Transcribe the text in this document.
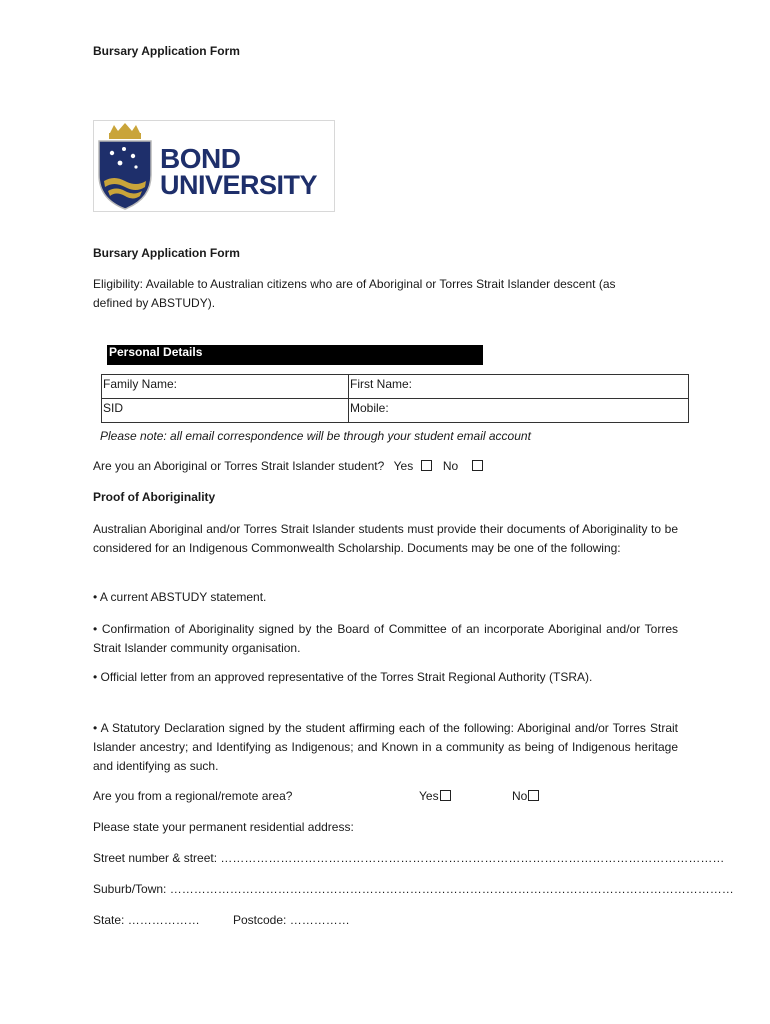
Bursary Application Form
BOND
UNIVERSITY
Bursary Application Form
Eligibility: Available to Australian citizens who are of Aboriginal or Torres Strait Islander descent (as
defined by ABSTUDY).
Personal Details
Family Name:	First Name:
SID	Mobile:
Please note: all email correspondence will be through your student email account
Are you an Aboriginal or Torres Strait Islander student? Yes No
Proof of Aboriginality
Australian Aboriginal and/or Torres Strait Islander students must provide their documents of Aboriginality to be considered for an Indigenous Commonwealth Scholarship. Documents may be one of the following:
• A current ABSTUDY statement.
• Confirmation of Aboriginality signed by the Board of Committee of an incorporate Aboriginal and/or Torres Strait Islander community organisation.
• Official letter from an approved representative of the Torres Strait Regional Authority (TSRA).
• A Statutory Declaration signed by the student affirming each of the following: Aboriginal and/or Torres Strait Islander ancestry; and Identifying as Indigenous; and Known in a community as being of Indigenous heritage and identifying as such.
Are you from a regional/remote area?	Yes	No
Please state your permanent residential address:
Street number & street: ………………………………………………………………………………………………………………
Suburb/Town: ……………………………………………………………………………………………………………………………
State: ………………	Postcode: ……………
